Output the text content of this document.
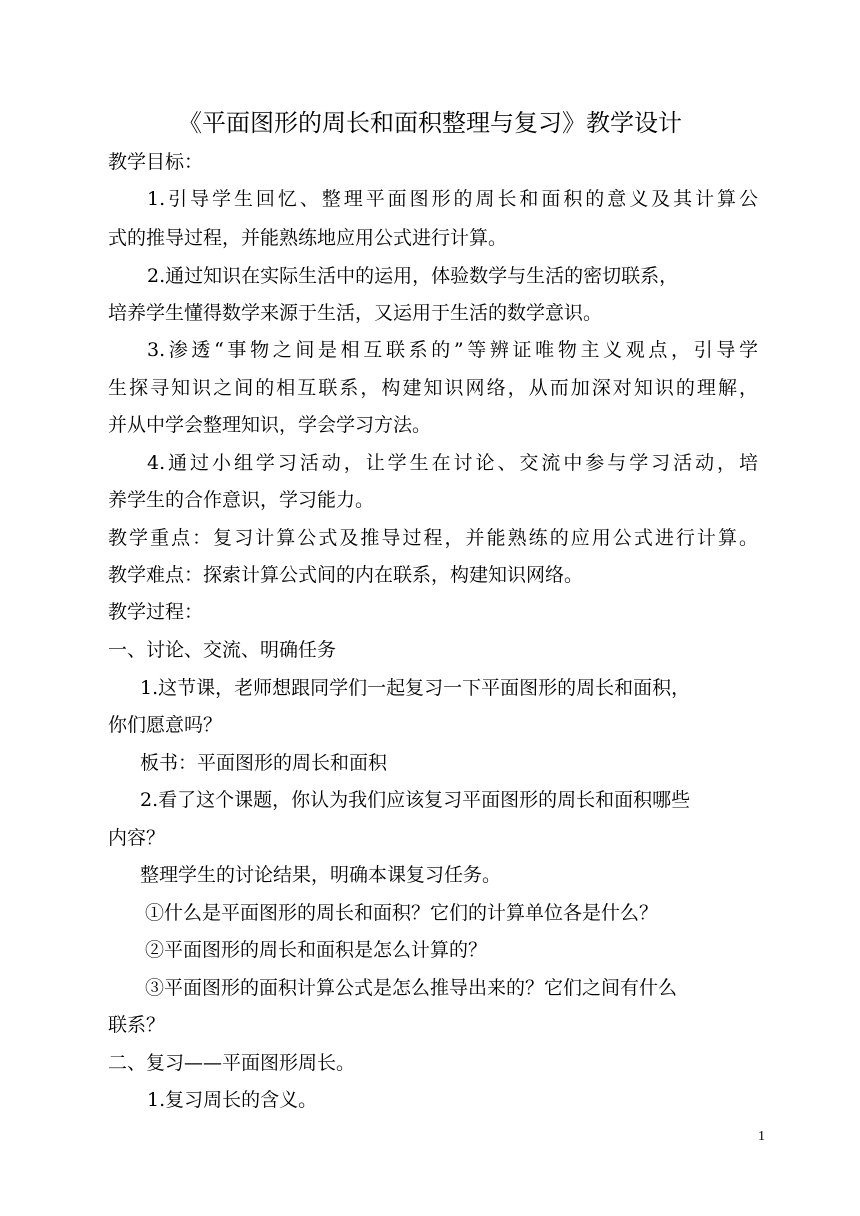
《平面图形的周长和面积整理与复习》教学设计
教学目标：
1.引导学生回忆、整理平面图形的周长和面积的意义及其计算公
式的推导过程，并能熟练地应用公式进行计算。
2.通过知识在实际生活中的运用，体验数学与生活的密切联系，
培养学生懂得数学来源于生活，又运用于生活的数学意识。
3.渗透“事物之间是相互联系的”等辨证唯物主义观点，引导学
生探寻知识之间的相互联系，构建知识网络，从而加深对知识的理解，
并从中学会整理知识，学会学习方法。
4.通过小组学习活动，让学生在讨论、交流中参与学习活动，培
养学生的合作意识，学习能力。
教学重点：复习计算公式及推导过程，并能熟练的应用公式进行计算。
教学难点：探索计算公式间的内在联系，构建知识网络。
教学过程：
一、讨论、交流、明确任务
1.这节课，老师想跟同学们一起复习一下平面图形的周长和面积，
你们愿意吗？
板书：平面图形的周长和面积
2.看了这个课题，你认为我们应该复习平面图形的周长和面积哪些
内容？
整理学生的讨论结果，明确本课复习任务。
①什么是平面图形的周长和面积？它们的计算单位各是什么？
②平面图形的周长和面积是怎么计算的？
③平面图形的面积计算公式是怎么推导出来的？它们之间有什么
联系？
二、复习——平面图形周长。
1.复习周长的含义。
1
